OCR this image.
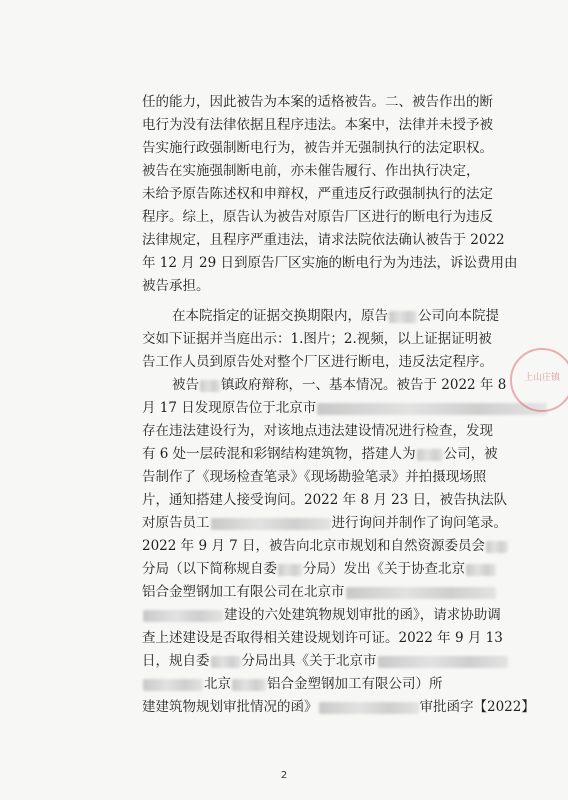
任的能力，因此被告为本案的适格被告。二、被告作出的断
电行为没有法律依据且程序违法。本案中，法律并未授予被
告实施行政强制断电行为，被告并无强制执行的法定职权。
被告在实施强制断电前，亦未催告履行、作出执行决定，
未给予原告陈述权和申辩权，严重违反行政强制执行的法定
程序。综上，原告认为被告对原告厂区进行的断电行为违反
法律规定，且程序严重违法，请求法院依法确认被告于 2022
年 12 月 29 日到原告厂区实施的断电行为为违法，诉讼费用由
被告承担。
在本院指定的证据交换期限内，原告 公司向本院提
交如下证据并当庭出示：1.图片；2.视频，以上证据证明被
告工作人员到原告处对整个厂区进行断电，违反法定程序。
被告 镇政府辩称，一、基本情况。被告于 2022 年 8
月 17 日发现原告位于北京市
存在违法建设行为，对该地点违法建设情况进行检查，发现
有 6 处一层砖混和彩钢结构建筑物，搭建人为 公司，被
告制作了《现场检查笔录》《现场勘验笔录》并拍摄现场照
片，通知搭建人接受询问。2022 年 8 月 23 日，被告执法队
对原告员工	进行询问并制作了询问笔录。
2022 年 9 月 7 日，被告向北京市规划和自然资源委员会
分局（以下简称规自委 分局）发出《关于协查北京
铝合金塑钢加工有限公司在北京市
建设的六处建筑物规划审批的函》，请求协助调
查上述建设是否取得相关建设规划许可证。2022 年 9 月 13
日，规自委 分局出具《关于北京市
北京	铝合金塑钢加工有限公司）所
建建筑物规划审批情况的函》	审批函字【2022】
上山庄镇
2
